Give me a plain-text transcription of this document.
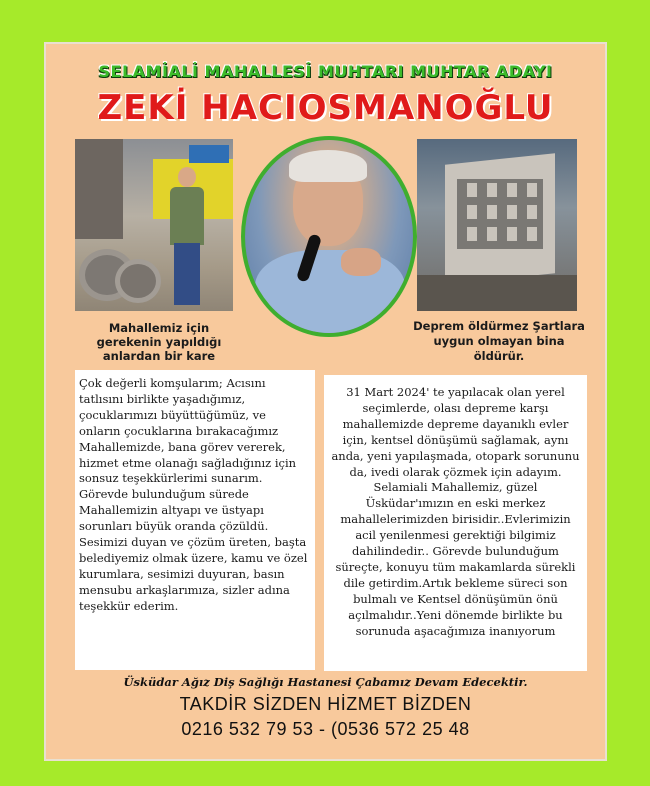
SELAMİALİ MAHALLESİ MUHTARI MUHTAR ADAYI
ZEKİ HACIOSMANOĞLU
Mahallemiz için gerekenin yapıldığı anlardan bir kare
Deprem öldürmez Şartlara uygun olmayan bina öldürür.

Çok değerli komşularım; Acısını tatlısını birlikte yaşadığımız, çocuklarımızı büyüttüğümüz, ve onların çocuklarına bırakacağımız Mahallemizde, bana görev vererek, hizmet etme olanağı sağladığınız için sonsuz teşekkürlerimi sunarım. Görevde bulunduğum sürede Mahallemizin altyapı ve üstyapı sorunları büyük oranda çözüldü. Sesimizi duyan ve çözüm üreten, başta belediyemiz olmak üzere, kamu ve özel kurumlara, sesimizi duyuran, basın mensubu arkaşlarımıza, sizler adına teşekkür ederim.

31 Mart 2024' te yapılacak olan yerel seçimlerde, olası depreme karşı mahallemizde depreme dayanıklı evler için, kentsel dönüşümü sağlamak, aynı anda, yeni yapılaşmada, otopark sorununu da, ivedi olarak çözmek için adayım. Selamiali Mahallemiz, güzel Üsküdar'ımızın en eski merkez mahallelerimizden birisidir..Evlerimizin acil yenilenmesi gerektiği bilgimiz dahilindedir.. Görevde bulunduğum süreçte, konuyu tüm makamlarda sürekli dile getirdim.Artık bekleme süreci son bulmalı ve Kentsel dönüşümün önü açılmalıdır..Yeni dönemde birlikte bu sorunuda aşacağımıza inanıyorum

Üsküdar Ağız Diş Sağlığı Hastanesi Çabamız Devam Edecektir.
TAKDİR SİZDEN HİZMET BİZDEN
0216 532 79 53 - (0536 572 25 48
